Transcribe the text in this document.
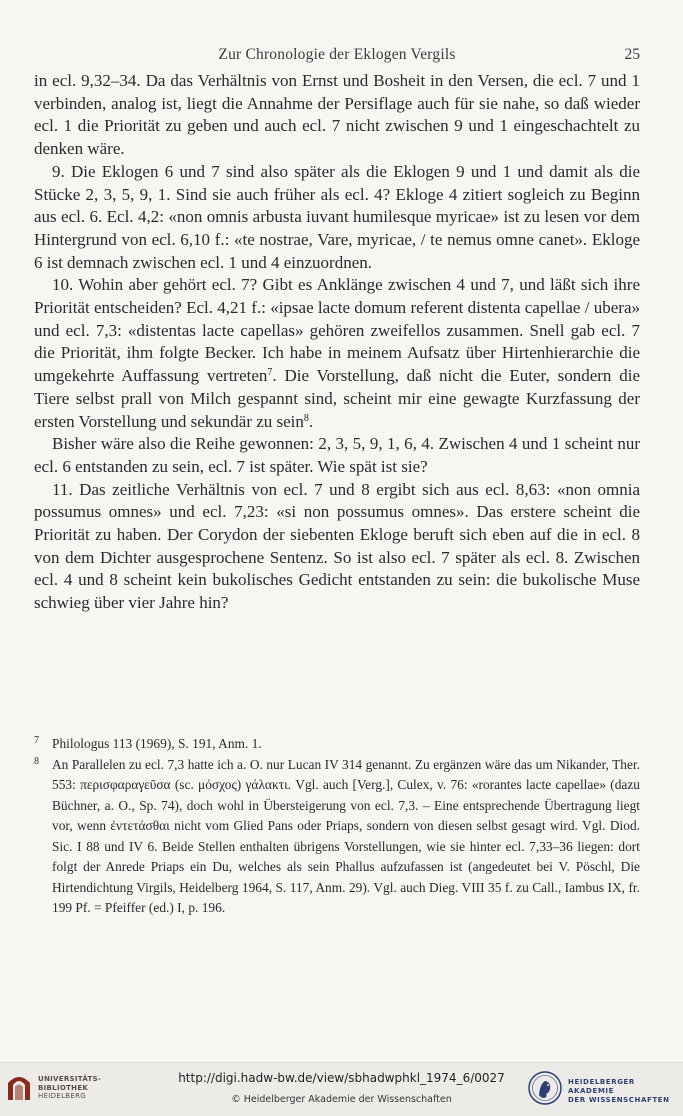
Zur Chronologie der Eklogen Vergils	25

in ecl. 9,32–34. Da das Verhältnis von Ernst und Bosheit in den Versen, die ecl. 7 und 1 verbinden, analog ist, liegt die Annahme der Persiflage auch für sie nahe, so daß wieder ecl. 1 die Priorität zu geben und auch ecl. 7 nicht zwischen 9 und 1 eingeschachtelt zu denken wäre.

9. Die Eklogen 6 und 7 sind also später als die Eklogen 9 und 1 und damit als die Stücke 2, 3, 5, 9, 1. Sind sie auch früher als ecl. 4? Ekloge 4 zitiert sogleich zu Beginn aus ecl. 6. Ecl. 4,2: «non omnis arbusta iuvant humilesque myricae» ist zu lesen vor dem Hintergrund von ecl. 6,10 f.: «te nostrae, Vare, myricae, / te nemus omne canet». Ekloge 6 ist demnach zwischen ecl. 1 und 4 einzuordnen.

10. Wohin aber gehört ecl. 7? Gibt es Anklänge zwischen 4 und 7, und läßt sich ihre Priorität entscheiden? Ecl. 4,21 f.: «ipsae lacte domum referent distenta capellae / ubera» und ecl. 7,3: «distentas lacte capellas» gehören zweifellos zusammen. Snell gab ecl. 7 die Priorität, ihm folgte Becker. Ich habe in meinem Aufsatz über Hirtenhierarchie die umgekehrte Auffassung vertreten$^7$. Die Vorstellung, daß nicht die Euter, sondern die Tiere selbst prall von Milch gespannt sind, scheint mir eine gewagte Kurzfassung der ersten Vorstellung und sekundär zu sein$^8$.

Bisher wäre also die Reihe gewonnen: 2, 3, 5, 9, 1, 6, 4. Zwischen 4 und 1 scheint nur ecl. 6 entstanden zu sein, ecl. 7 ist später. Wie spät ist sie?

11. Das zeitliche Verhältnis von ecl. 7 und 8 ergibt sich aus ecl. 8,63: «non omnia possumus omnes» und ecl. 7,23: «si non possumus omnes». Das erstere scheint die Priorität zu haben. Der Corydon der siebenten Ekloge beruft sich eben auf die in ecl. 8 von dem Dichter ausgesprochene Sentenz. So ist also ecl. 7 später als ecl. 8. Zwischen ecl. 4 und 8 scheint kein bukolisches Gedicht entstanden zu sein: die bukolische Muse schwieg über vier Jahre hin?

7 Philologus 113 (1969), S. 191, Anm. 1.
8 An Parallelen zu ecl. 7,3 hatte ich a. O. nur Lucan IV 314 genannt. Zu ergänzen wäre das um Nikander, Ther. 553: περισφαραγεῦσα (sc. μόσχος) γάλακτι. Vgl. auch [Verg.], Culex, v. 76: «rorantes lacte capellae» (dazu Büchner, a. O., Sp. 74), doch wohl in Übersteigerung von ecl. 7,3. – Eine entsprechende Übertragung liegt vor, wenn ἐντετάσθαι nicht vom Glied Pans oder Priaps, sondern von diesen selbst gesagt wird. Vgl. Diod. Sic. I 88 und IV 6. Beide Stellen enthalten übrigens Vorstellungen, wie sie hinter ecl. 7,33–36 liegen: dort folgt der Anrede Priaps ein Du, welches als sein Phallus aufzufassen ist (angedeutet bei V. Pöschl, Die Hirtendichtung Virgils, Heidelberg 1964, S. 117, Anm. 29). Vgl. auch Dieg. VIII 35 f. zu Call., Iambus IX, fr. 199 Pf. = Pfeiffer (ed.) I, p. 196.
UNIVERSITÄTS-
BIBLIOTHEK
HEIDELBERG
http://digi.hadw-bw.de/view/sbhadwphkl_1974_6/0027
© Heidelberger Akademie der Wissenschaften
HEIDELBERGER AKADEMIE
DER WISSENSCHAFTEN
